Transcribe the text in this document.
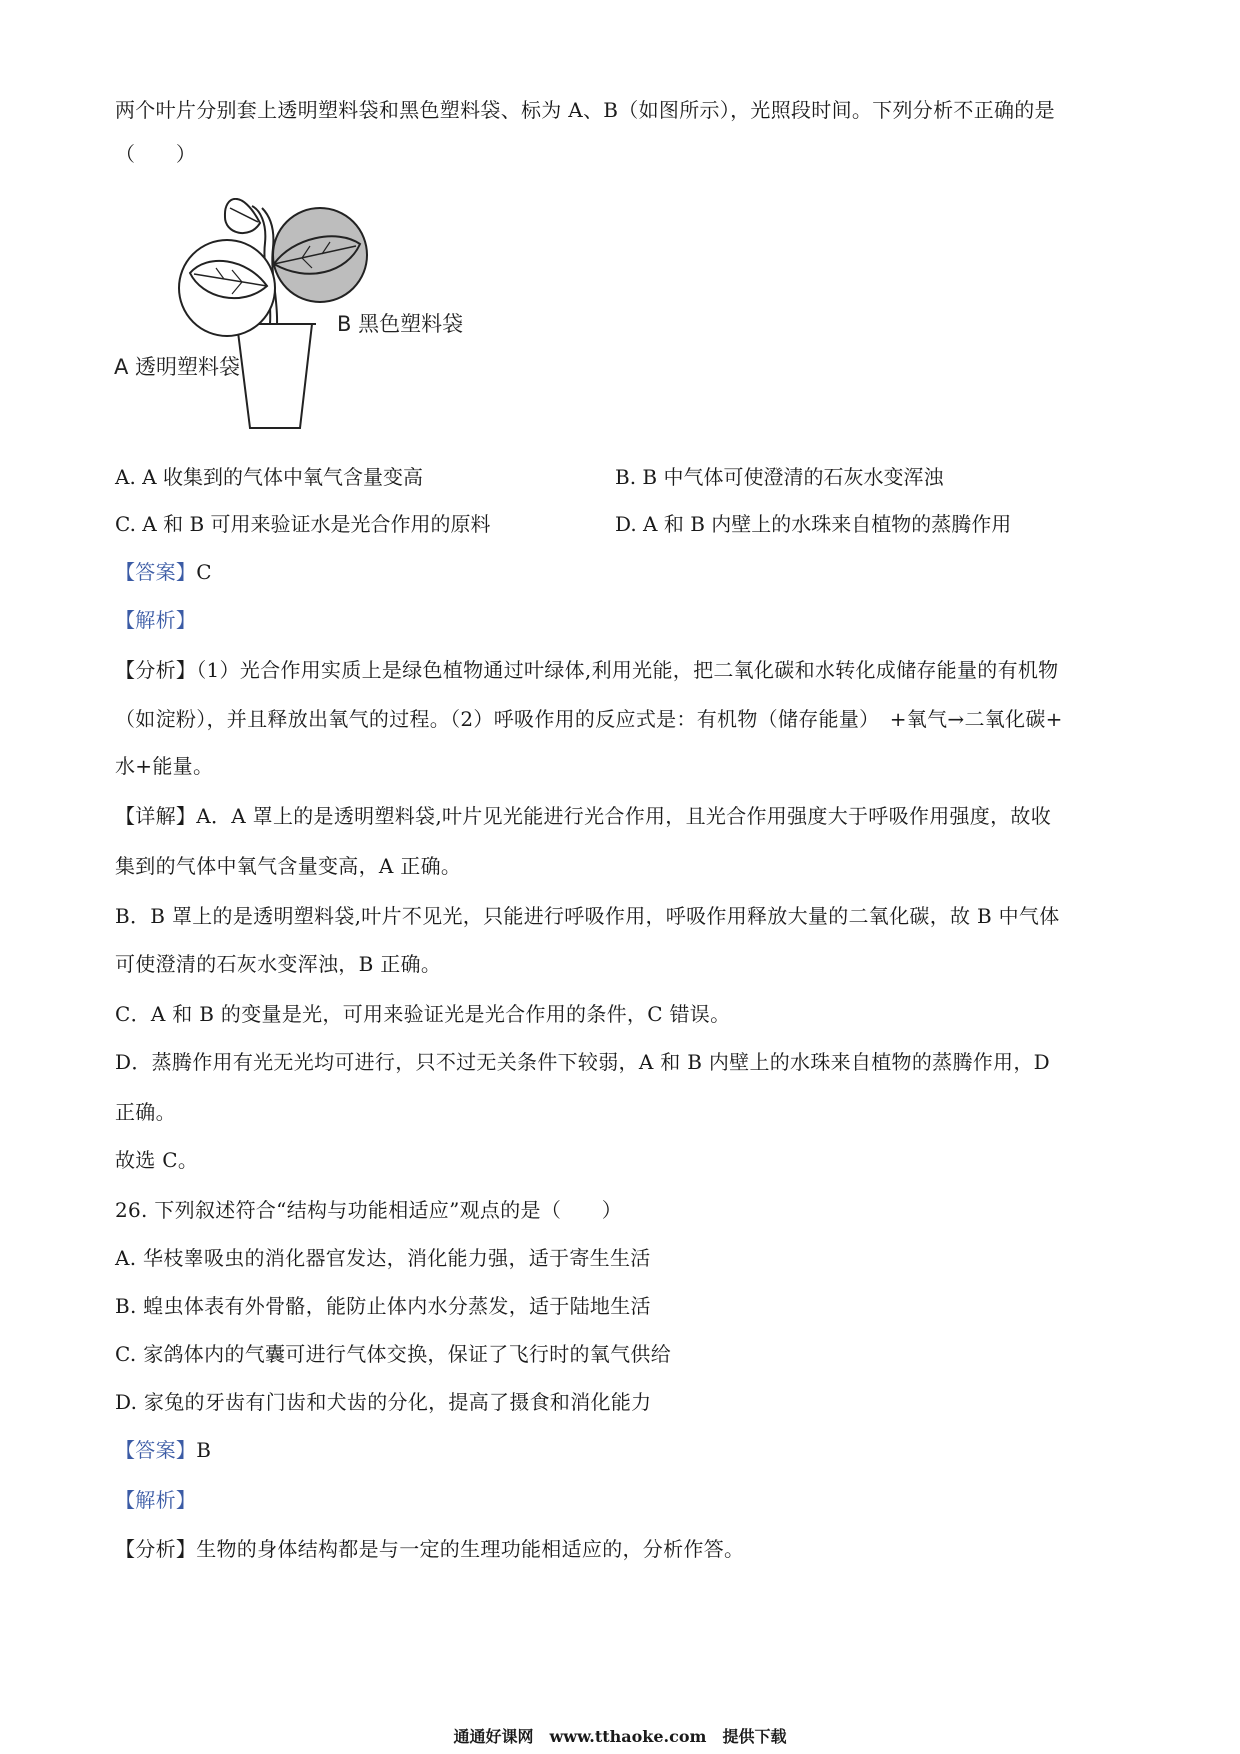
两个叶片分别套上透明塑料袋和黑色塑料袋、标为 A、B（如图所示），光照段时间。下列分析不正确的是
（　　）
B 黑色塑料袋
A 透明塑料袋
A. A 收集到的气体中氧气含量变高	B. B 中气体可使澄清的石灰水变浑浊
C. A 和 B 可用来验证水是光合作用的原料	D. A 和 B 内壁上的水珠来自植物的蒸腾作用
【答案】C
【解析】
【分析】（1）光合作用实质上是绿色植物通过叶绿体,利用光能，把二氧化碳和水转化成储存能量的有机物
（如淀粉），并且释放出氧气的过程。（2）呼吸作用的反应式是：有机物（储存能量）　+氧气→二氧化碳+
水+能量。
【详解】A．A 罩上的是透明塑料袋,叶片见光能进行光合作用，且光合作用强度大于呼吸作用强度，故收
集到的气体中氧气含量变高，A 正确。
B．B 罩上的是透明塑料袋,叶片不见光，只能进行呼吸作用，呼吸作用释放大量的二氧化碳，故 B 中气体
可使澄清的石灰水变浑浊，B 正确。
C．A 和 B 的变量是光，可用来验证光是光合作用的条件，C 错误。
D．蒸腾作用有光无光均可进行，只不过无关条件下较弱，A 和 B 内壁上的水珠来自植物的蒸腾作用，D
正确。
故选 C。
26. 下列叙述符合“结构与功能相适应”观点的是（　　）
A. 华枝睾吸虫的消化器官发达，消化能力强，适于寄生生活
B. 蝗虫体表有外骨骼，能防止体内水分蒸发，适于陆地生活
C. 家鸽体内的气囊可进行气体交换，保证了飞行时的氧气供给
D. 家兔的牙齿有门齿和犬齿的分化，提高了摄食和消化能力
【答案】B
【解析】
【分析】生物的身体结构都是与一定的生理功能相适应的，分析作答。
通通好课网　www.tthaoke.com　提供下载
